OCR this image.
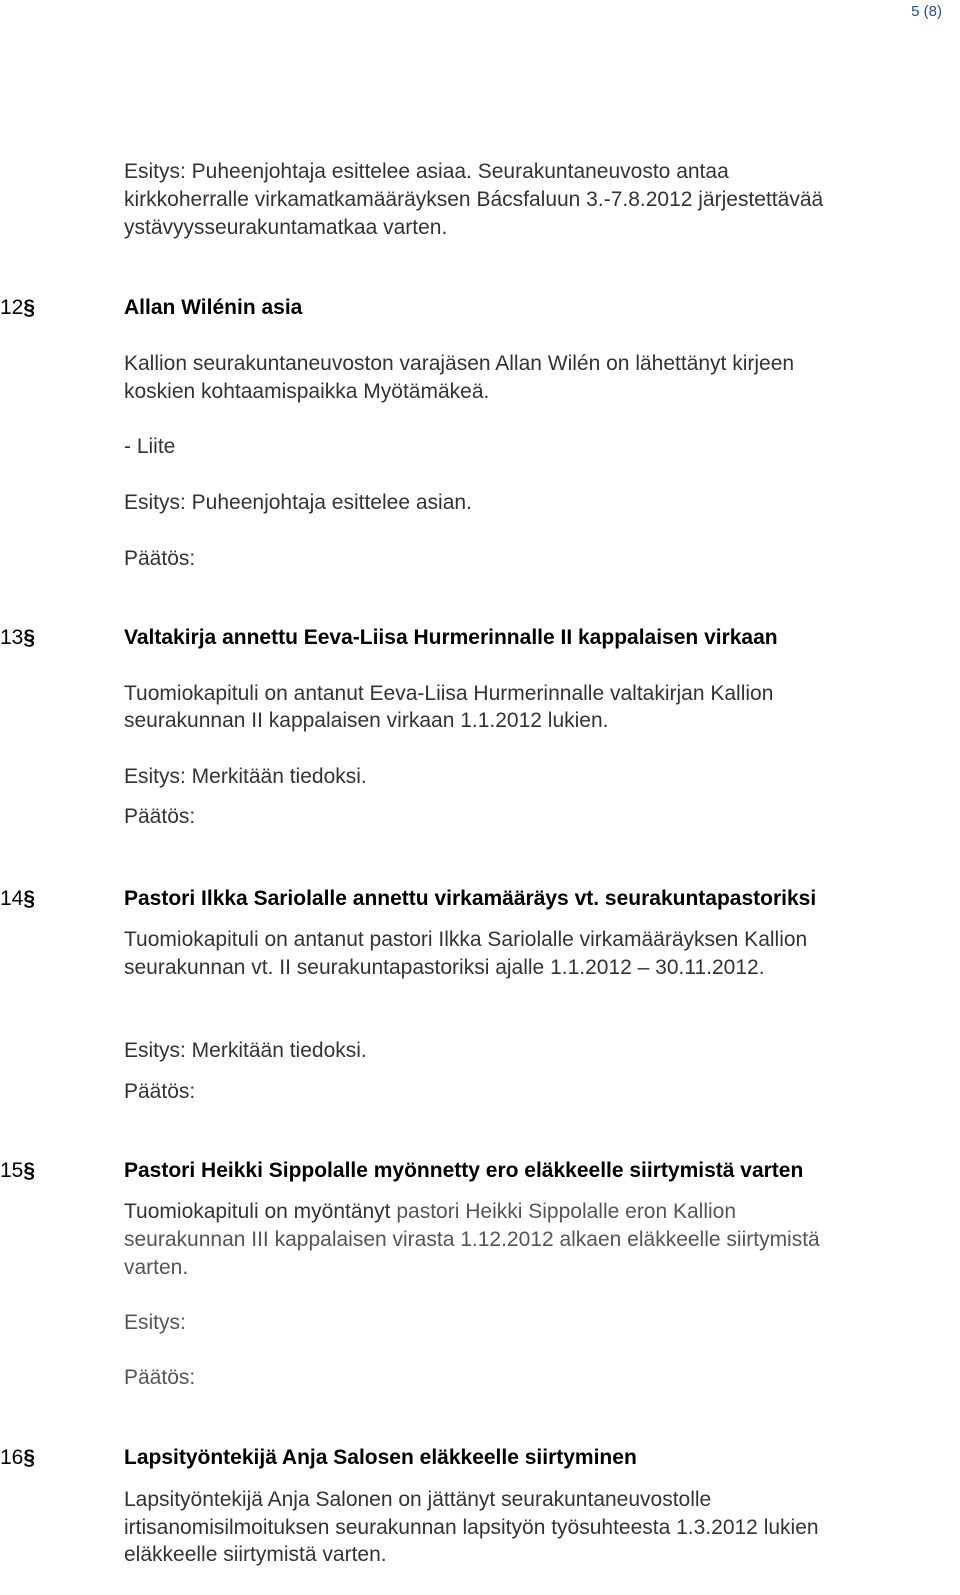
5 (8)
Esitys: Puheenjohtaja esittelee asiaa. Seurakuntaneuvosto antaa
kirkkoherralle virkamatkamääräyksen Bácsfaluun 3.-7.8.2012 järjestettävää
ystävyysseurakuntamatkaa varten.
12§	Allan Wilénin asia
Kallion seurakuntaneuvoston varajäsen Allan Wilén on lähettänyt kirjeen
koskien kohtaamispaikka Myötämäkeä.
- Liite
Esitys: Puheenjohtaja esittelee asian.
Päätös:
13§	Valtakirja annettu Eeva-Liisa Hurmerinnalle II kappalaisen virkaan
Tuomiokapituli on antanut Eeva-Liisa Hurmerinnalle valtakirjan Kallion
seurakunnan II kappalaisen virkaan 1.1.2012 lukien.
Esitys: Merkitään tiedoksi.
Päätös:
14§	Pastori Ilkka Sariolalle annettu virkamääräys vt. seurakuntapastoriksi
Tuomiokapituli on antanut pastori Ilkka Sariolalle virkamääräyksen Kallion
seurakunnan vt. II seurakuntapastoriksi ajalle 1.1.2012 – 30.11.2012.
Esitys: Merkitään tiedoksi.
Päätös:
15§	Pastori Heikki Sippolalle myönnetty ero eläkkeelle siirtymistä varten
Tuomiokapituli on myöntänyt pastori Heikki Sippolalle eron Kallion
seurakunnan III kappalaisen virasta 1.12.2012 alkaen eläkkeelle siirtymistä
varten.
Esitys:
Päätös:
16§	Lapsityöntekijä Anja Salosen eläkkeelle siirtyminen
Lapsityöntekijä Anja Salonen on jättänyt seurakuntaneuvostolle
irtisanomisilmoituksen seurakunnan lapsityön työsuhteesta 1.3.2012 lukien
eläkkeelle siirtymistä varten.
